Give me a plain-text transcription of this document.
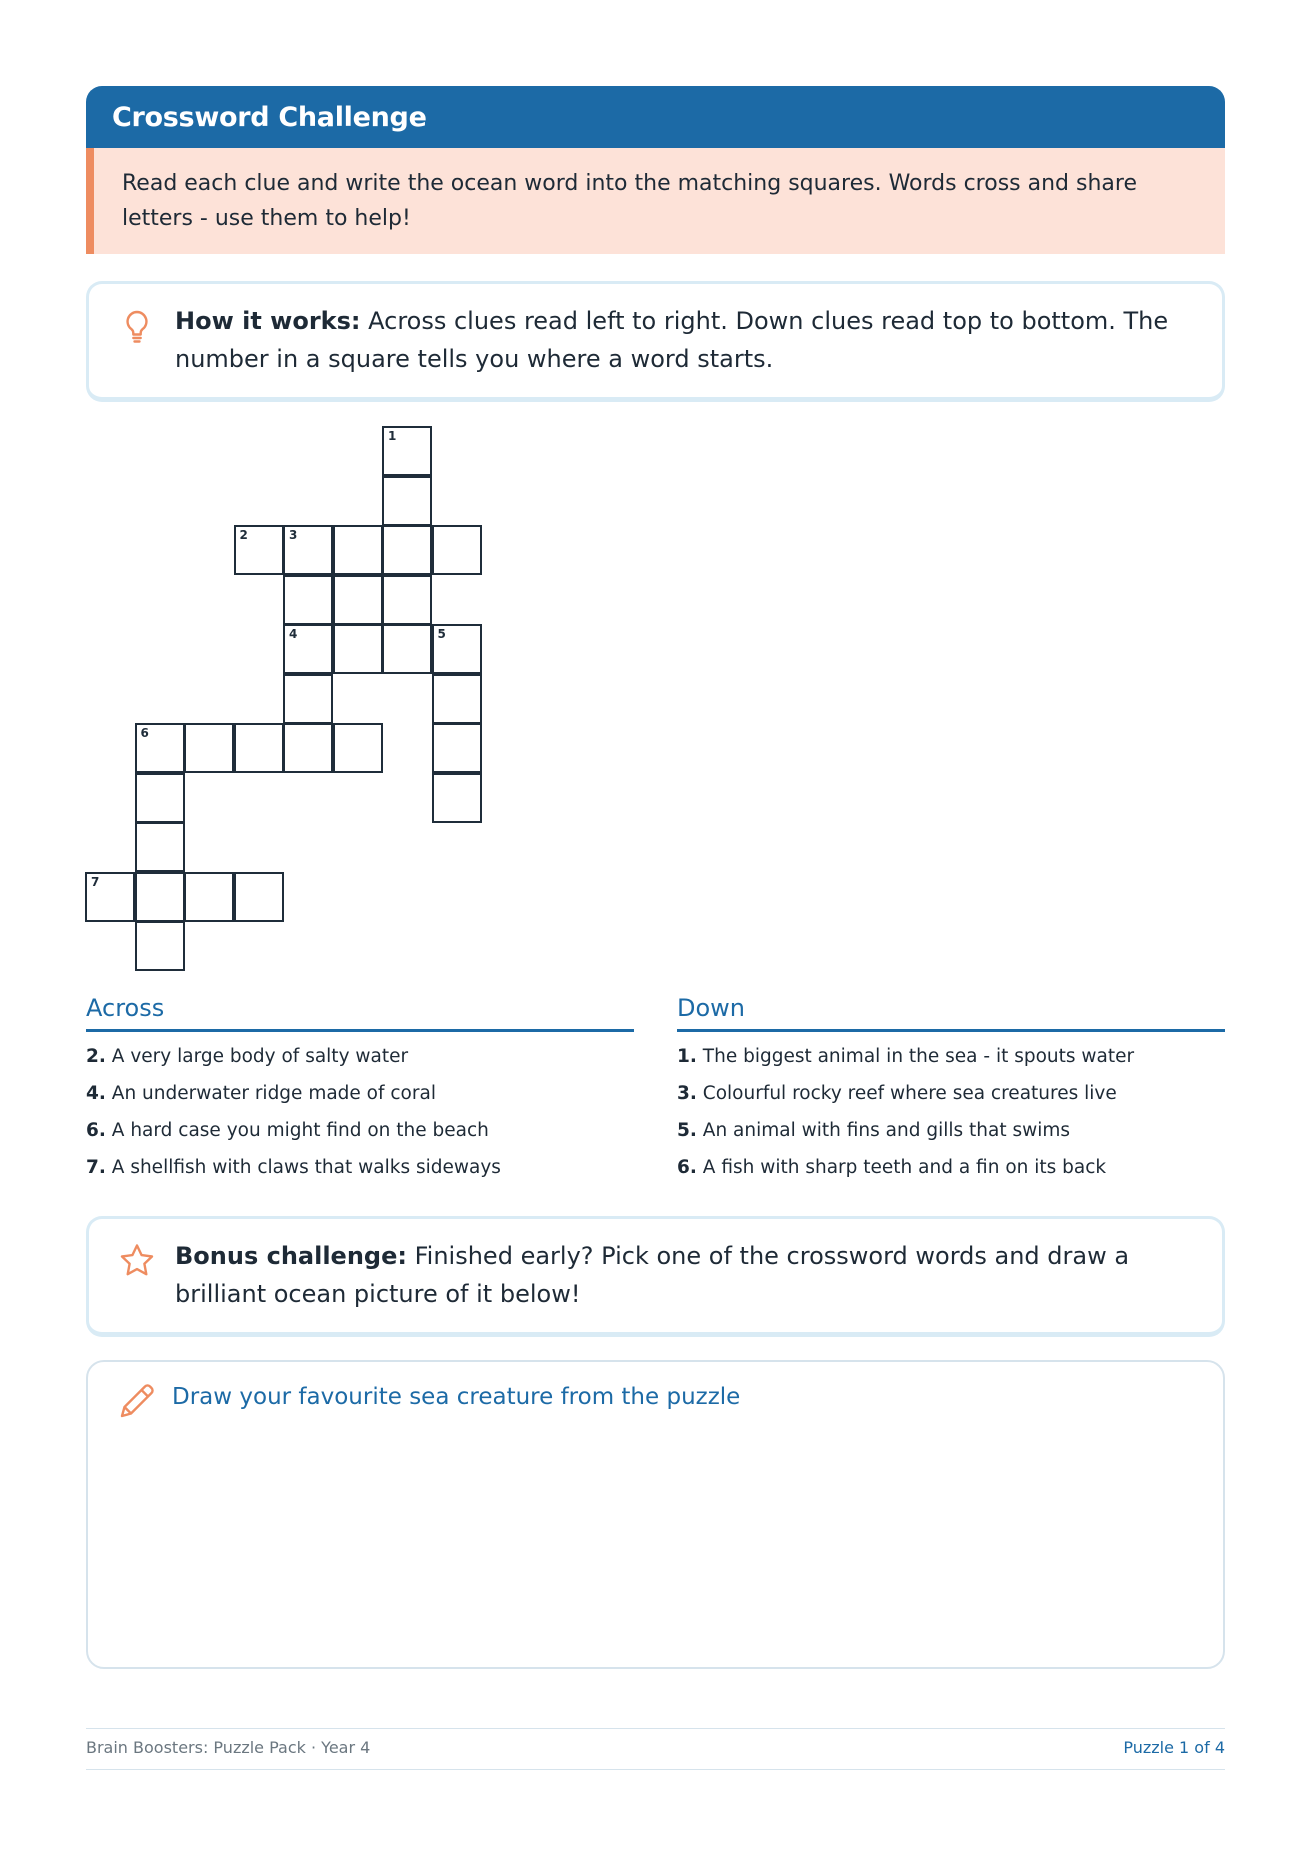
Crossword Challenge
Read each clue and write the ocean word into the matching squares. Words cross and share letters - use them to help!
How it works: Across clues read left to right. Down clues read top to bottom. The number in a square tells you where a word starts.
1
2	3
4	5
6
7
Across
2. A very large body of salty water
4. An underwater ridge made of coral
6. A hard case you might find on the beach
7. A shellfish with claws that walks sideways
Down
1. The biggest animal in the sea - it spouts water
3. Colourful rocky reef where sea creatures live
5. An animal with fins and gills that swims
6. A fish with sharp teeth and a fin on its back
Bonus challenge: Finished early? Pick one of the crossword words and draw a brilliant ocean picture of it below!
Draw your favourite sea creature from the puzzle
Brain Boosters: Puzzle Pack · Year 4	Puzzle 1 of 4
